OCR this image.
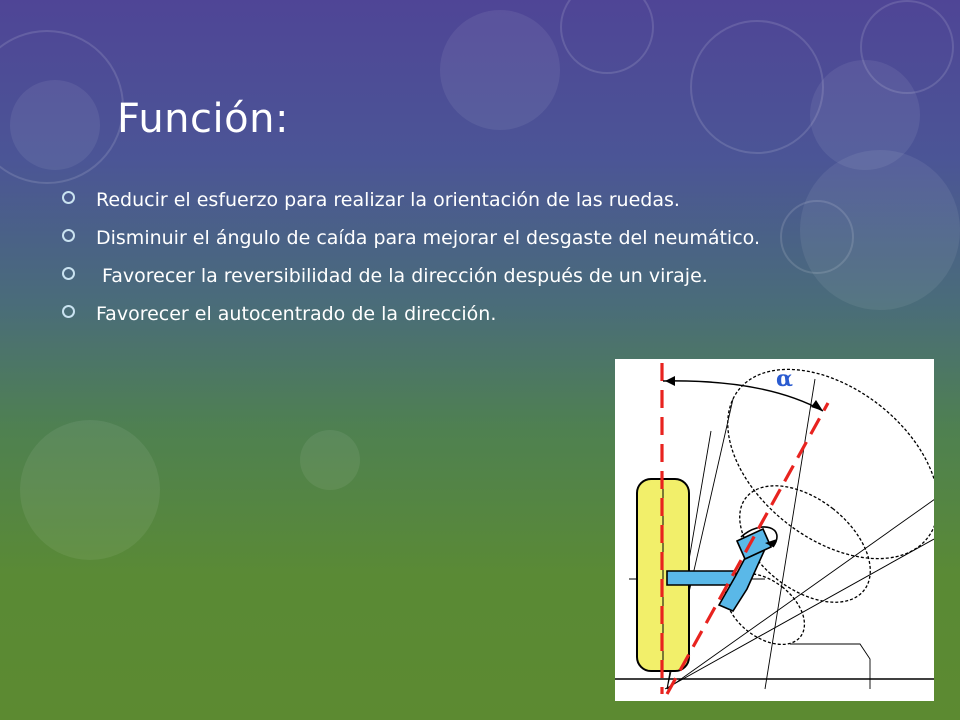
Función:
Reducir el esfuerzo para realizar la orientación de las ruedas.
Disminuir el ángulo de caída para mejorar el desgaste del neumático.
Favorecer la reversibilidad de la dirección después de un viraje.
Favorecer el autocentrado de la dirección.
α
